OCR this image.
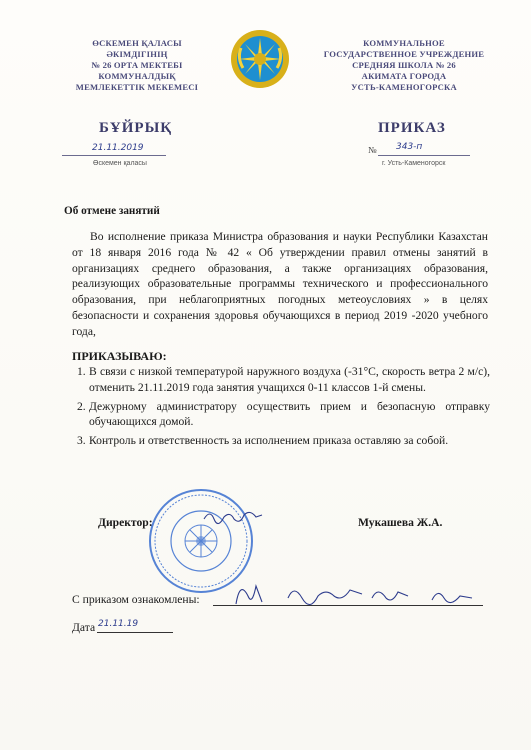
ӨСКЕМЕН ҚАЛАСЫ
ӘКІМДІГІНІҢ
№ 26 ОРТА МЕКТЕБІ
КОММУНАЛДЫҚ
МЕМЛЕКЕТТІК МЕКЕМЕСІ
КОММУНАЛЬНОЕ
ГОСУДАРСТВЕННОЕ УЧРЕЖДЕНИЕ
СРЕДНЯЯ ШКОЛА № 26
АКИМАТА ГОРОДА
УСТЬ-КАМЕНОГОРСКА
БҰЙРЫҚ	ПРИКАЗ
21.11.2019
Өскемен қаласы
№ 343-п
г. Усть-Каменогорск
Об отмене занятий
Во исполнение приказа Министра образования и науки Республики Казахстан от 18 января 2016 года № 42 « Об утверждении правил отмены занятий в организациях среднего образования, а также организациях образования, реализующих образовательные программы технического и профессионального образования, при неблагоприятных погодных метеоусловиях » в целях безопасности и сохранения здоровья обучающихся в период 2019 -2020 учебного года,
ПРИКАЗЫВАЮ:
1. В связи с низкой температурой наружного воздуха (-31°С, скорость ветра 2 м/с), отменить 21.11.2019 года занятия учащихся 0-11 классов 1-й смены.
2. Дежурному администратору осуществить прием и безопасную отправку обучающихся домой.
3. Контроль и ответственность за исполнением приказа оставляю за собой.
Директор:	Мукашева Ж.А.
С приказом ознакомлены:
Дата 21.11.19
